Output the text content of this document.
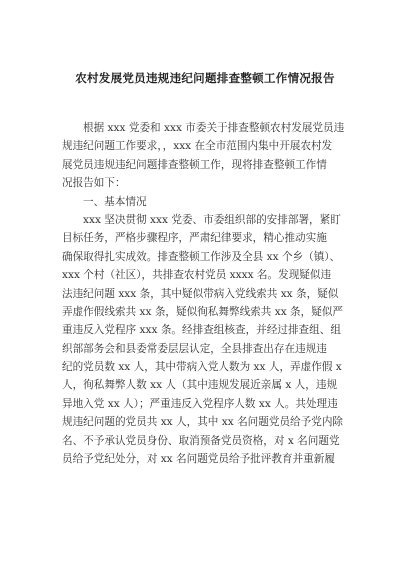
农村发展党员违规违纪问题排查整顿工作情况报告
根据 xxx 党委和 xxx 市委关于排查整顿农村发展党员违
规违纪问题工作要求，，xxx 在全市范围内集中开展农村发
展党员违规违纪问题排查整顿工作，现将排查整顿工作情
况报告如下：
一、基本情况
xxx 坚决贯彻 xxx 党委、市委组织部的安排部署，紧盯
目标任务，严格步骤程序，严肃纪律要求，精心推动实施
确保取得扎实成效。排查整顿工作涉及全县 xx 个乡（镇）、
xxx 个村（社区），共排查农村党员 xxxx 名。发现疑似违
法违纪问题 xxx 条，其中疑似带病入党线索共 xx 条，疑似
弄虚作假线索共 xx 条，疑似徇私舞弊线索共 xx 条，疑似严
重违反入党程序 xxx 条。经排查组核查，并经过排查组、组
织部部务会和县委常委层层认定，全县排查出存在违规违
纪的党员数 xx 人，其中带病入党人数为 xx 人，弄虚作假 x
人，徇私舞弊人数 xx 人（其中违规发展近亲属 x 人，违规
异地入党 xx 人）；严重违反入党程序人数 xx 人。共处理违
规违纪问题的党员共 xx 人，其中 xx 名问题党员给予党内除
名、不予承认党员身份、取消预备党员资格，对 x 名问题党
员给予党纪处分，对 xx 名问题党员给予批评教育并重新履
